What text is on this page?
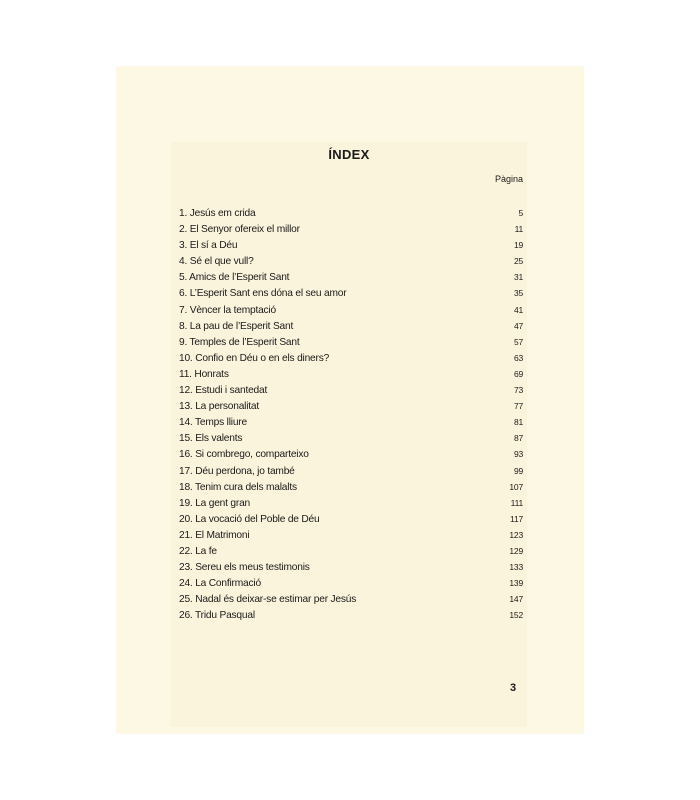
ÍNDEX
Pàgina
1. Jesús em crida	5
2. El Senyor ofereix el millor	11
3. El sí a Déu	19
4. Sé el que vull?	25
5. Amics de l’Esperit Sant	31
6. L’Esperit Sant ens dóna el seu amor	35
7. Vèncer la temptació	41
8. La pau de l’Esperit Sant	47
9. Temples de l’Esperit Sant	57
10. Confio en Déu o en els diners?	63
11. Honrats	69
12. Estudi i santedat	73
13. La personalitat	77
14. Temps lliure	81
15. Els valents	87
16. Si combrego, comparteixo	93
17. Déu perdona, jo també	99
18. Tenim cura dels malalts	107
19. La gent gran	111
20. La vocació del Poble de Déu	117
21. El Matrimoni	123
22. La fe	129
23. Sereu els meus testimonis	133
24. La Confirmació	139
25. Nadal és deixar-se estimar per Jesús	147
26. Tridu Pasqual	152
3
